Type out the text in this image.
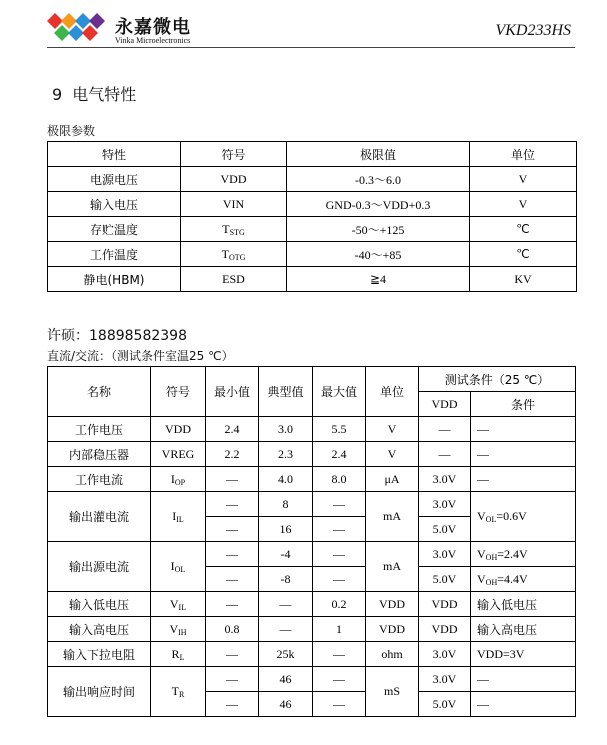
永嘉微电
Vinka Microelectronics
VKD233HS
9 电气特性
极限参数
特性	符号	极限值	单位
电源电压	VDD	-0.3～6.0	V
输入电压	VIN	GND-0.3～VDD+0.3	V
存贮温度	$T_{STG}$	-50～+125	℃
工作温度	$T_{OTG}$	-40～+85	℃
静电(HBM)	ESD	≧4	KV
许硕：18898582398
直流/交流：（测试条件室温25 ℃）
名称	符号	最小值	典型值	最大值	单位	测试条件（25 ℃）	
						VDD	条件
工作电压	VDD	2.4	3.0	5.5	V	—	—
内部稳压器	VREG	2.2	2.3	2.4	V	—	—
工作电流	$I_{OP}$	—	4.0	8.0	μA	3.0V	—
输出灌电流	$I_{IL}$	—	8	—	mA	3.0V	$V_{OL}=0.6V$
		—	16	—		5.0V	
输出源电流	$I_{OL}$	—	-4	—	mA	3.0V	$V_{OH}=2.4V$
		—	-8	—		5.0V	$V_{OH}=4.4V$
输入低电压	$V_{IL}$	—	—	0.2	VDD	VDD	输入低电压
输入高电压	$V_{IH}$	0.8	—	1	VDD	VDD	输入高电压
输入下拉电阻	$R_L$	—	25k	—	ohm	3.0V	VDD=3V
输出响应时间	$T_R$	—	46	—	mS	3.0V	—
		—	46	—		5.0V	—
